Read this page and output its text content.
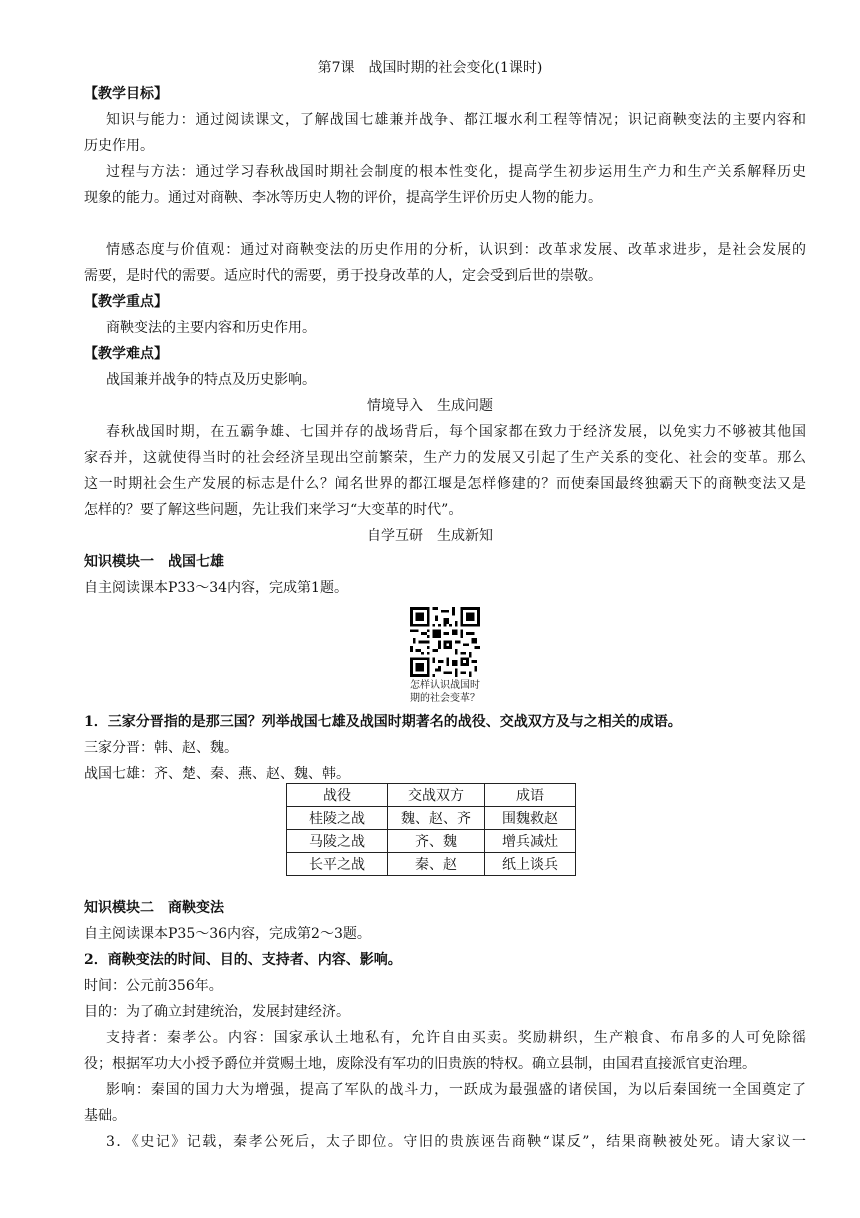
第7课　战国时期的社会变化(1课时)
【教学目标】
知识与能力：通过阅读课文，了解战国七雄兼并战争、都江堰水利工程等情况；识记商鞅变法的主要内容和
历史作用。
过程与方法：通过学习春秋战国时期社会制度的根本性变化，提高学生初步运用生产力和生产关系解释历史
现象的能力。通过对商鞅、李冰等历史人物的评价，提高学生评价历史人物的能力。
情感态度与价值观：通过对商鞅变法的历史作用的分析，认识到：改革求发展、改革求进步，是社会发展的
需要，是时代的需要。适应时代的需要，勇于投身改革的人，定会受到后世的崇敬。
【教学重点】
商鞅变法的主要内容和历史作用。
【教学难点】
战国兼并战争的特点及历史影响。
情境导入　生成问题
春秋战国时期，在五霸争雄、七国并存的战场背后，每个国家都在致力于经济发展，以免实力不够被其他国
家吞并，这就使得当时的社会经济呈现出空前繁荣，生产力的发展又引起了生产关系的变化、社会的变革。那么
这一时期社会生产发展的标志是什么？闻名世界的都江堰是怎样修建的？而使秦国最终独霸天下的商鞅变法又是
怎样的？要了解这些问题，先让我们来学习“大变革的时代”。
自学互研　生成新知
知识模块一　战国七雄
自主阅读课本P33～34内容，完成第1题。
怎样认识战国时
期的社会变革？
1．三家分晋指的是那三国？列举战国七雄及战国时期著名的战役、交战双方及与之相关的成语。
三家分晋：韩、赵、魏。
战国七雄：齐、楚、秦、燕、赵、魏、韩。
战役	交战双方	成语
桂陵之战	魏、赵、齐	围魏救赵
马陵之战	齐、魏	增兵减灶
长平之战	秦、赵	纸上谈兵
知识模块二　商鞅变法
自主阅读课本P35～36内容，完成第2～3题。
2．商鞅变法的时间、目的、支持者、内容、影响。
时间：公元前356年。
目的：为了确立封建统治，发展封建经济。
支持者：秦孝公。内容：国家承认土地私有，允许自由买卖。奖励耕织，生产粮食、布帛多的人可免除徭
役；根据军功大小授予爵位并赏赐土地，废除没有军功的旧贵族的特权。确立县制，由国君直接派官吏治理。
影响：秦国的国力大为增强，提高了军队的战斗力，一跃成为最强盛的诸侯国，为以后秦国统一全国奠定了
基础。
3．《史记》记载，秦孝公死后，太子即位。守旧的贵族诬告商鞅“谋反”，结果商鞅被处死。请大家议一
